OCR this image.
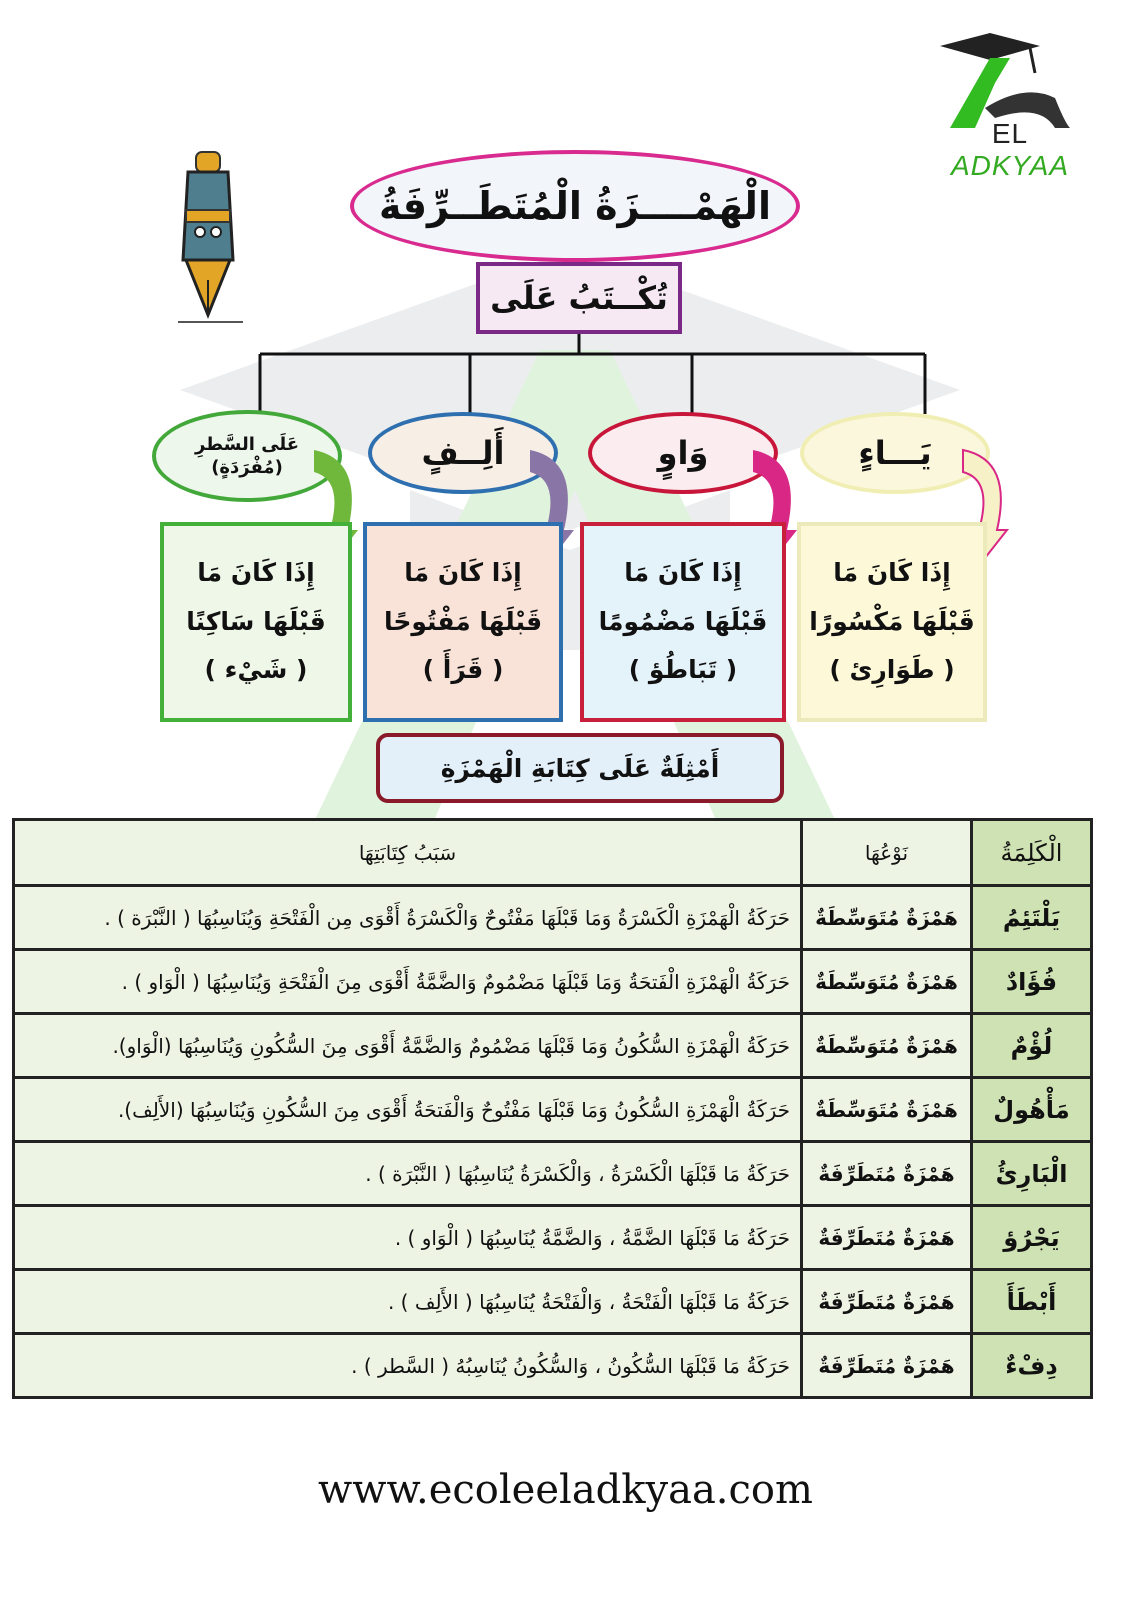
EL ADKYAA
الْهَمْــــزَةُ الْمُتَطَــرِّفَةُ
تُكْــتَبُ عَلَى
يَـــاءٍ
وَاوٍ
أَلِــفٍ
عَلَى السَّطرِ
(مُفْرَدَةٍ)
إِذَا كَانَ مَا
قَبْلَهَا مَكْسُورًا
( طَوَارِئ )
إِذَا كَانَ مَا
قَبْلَهَا مَضْمُومًا
( تَبَاطُؤ )
إِذَا كَانَ مَا
قَبْلَهَا مَفْتُوحًا
( قَرَأَ )
إِذَا كَانَ مَا
قَبْلَهَا سَاكِنًا
( شَيْء )
أَمْثِلَةٌ عَلَى كِتَابَةِ الْهَمْزَةِ
الْكَلِمَةُ	نَوْعُهَا	سَبَبُ كِتَابَتِهَا
يَلْتَئِمُ	هَمْزَةٌ مُتَوَسِّطَةٌ	حَرَكَةُ الْهَمْزَةِ الْكَسْرَةُ وَمَا قَبْلَهَا مَفْتُوحٌ وَالْكَسْرَةُ أَقْوَى مِن الْفَتْحَةِ وَيُنَاسِبُهَا ( النَّبْرَة ) .
فُؤَادٌ	هَمْزَةٌ مُتَوَسِّطَةٌ	حَرَكَةُ الْهَمْزَةِ الْفَتحَةُ وَمَا قَبْلَهَا مَضْمُومٌ وَالضَّمَّةُ أَقْوَى مِنَ الْفَتْحَةِ وَيُنَاسِبُهَا ( الْوَاو ) .
لُؤْمٌ	هَمْزَةٌ مُتَوَسِّطَةٌ	حَرَكَةُ الْهَمْزَةِ السُّكُونُ وَمَا قَبْلَهَا مَضْمُومٌ وَالضَّمَّةُ أَقْوَى مِنَ السُّكُونِ وَيُنَاسِبُهَا (الْوَاو).
مَأْهُولٌ	هَمْزَةٌ مُتَوَسِّطَةٌ	حَرَكَةُ الْهَمْزَةِ السُّكُونُ وَمَا قَبْلَهَا مَفْتُوحٌ وَالْفَتحَةُ أَقْوَى مِنَ السُّكُونِ وَيُنَاسِبُهَا (الأَلِف).
الْبَارِئُ	هَمْزَةٌ مُتَطَرِّفَةٌ	حَرَكَةُ مَا قَبْلَهَا الْكَسْرَةُ ، وَالْكَسْرَةُ يُنَاسِبُهَا ( النَّبْرَة ) .
يَجْرُؤ	هَمْزَةٌ مُتَطَرِّفَةٌ	حَرَكَةُ مَا قَبْلَهَا الضَّمَّةُ ، وَالضَّمَّةُ يُنَاسِبُهَا ( الْوَاو ) .
أَبْطَأَ	هَمْزَةٌ مُتَطَرِّفَةٌ	حَرَكَةُ مَا قَبْلَهَا الْفَتْحَةُ ، وَالْفَتْحَةُ يُنَاسِبُهَا ( الأَلِف ) .
دِفْءٌ	هَمْزَةٌ مُتَطَرِّفَةٌ	حَرَكَةُ مَا قَبْلَهَا السُّكُونُ ، وَالسُّكُونُ يُنَاسِبُهُ ( السَّطر ) .
www.ecoleeladkyaa.com
